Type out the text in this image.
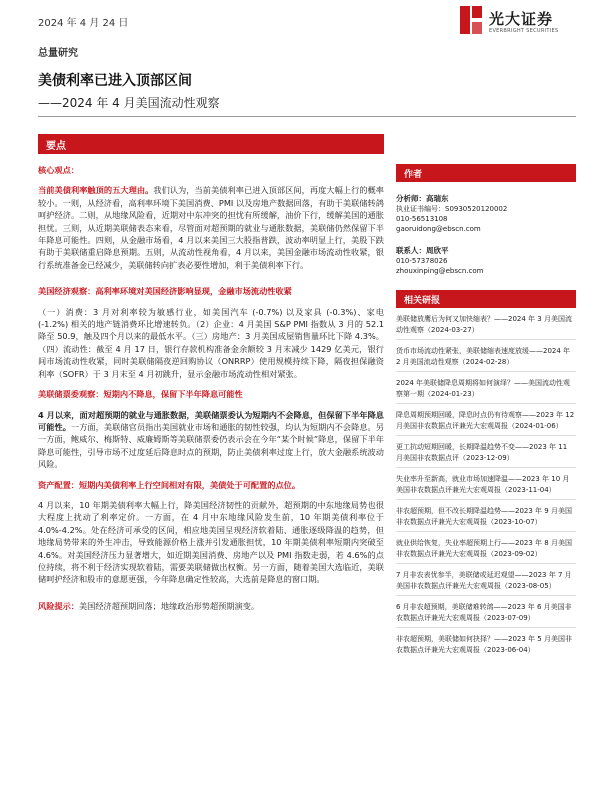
2024 年 4 月 24 日	光大证券
EVERBRIGHT SECURITIES
总量研究
美债利率已进入顶部区间
——2024 年 4 月美国流动性观察
要点

核心观点：

当前美债利率触顶的五大理由。我们认为，当前美债利率已进入顶部区间，再度大幅上行的概率较小。一则，从经济看，高利率环境下美国消费、PMI 以及房地产数据回落，有助于美联储转鸽呵护经济。二则，从地缘风险看，近期对中东冲突的担忧有所缓解，油价下行，缓解美国的通胀担忧。三则，从近期美联储表态来看，尽管面对超预期的就业与通胀数据，美联储仍然保留下半年降息可能性。四则，从金融市场看，4 月以来美国三大股指普跌，波动率明显上行，美股下跌有助于美联储重启降息预期。五则，从流动性视角看，4 月以来，美国金融市场流动性收紧，银行系统准备金已经减少，美联储转向扩表必要性增加，利于美债利率下行。

美国经济观察：高利率环境对美国经济影响显现，金融市场流动性收紧

（一）消费：3 月对利率较为敏感行业，如美国汽车 (-0.7%) 以及家具 (-0.3%)、家电 (-1.2%) 相关的地产链消费环比增速转负。（2）企业：4 月美国 S&P PMI 指数从 3 月的 52.1 降至 50.9，触及四个月以来的最低水平。（三）房地产：3 月美国成屋销售量环比下降 4.3%。（四）流动性：截至 4 月 17 日，银行存款机构准备金余额较 3 月末减少 1429 亿美元，银行间市场流动性收紧，同时美联储隔夜逆回购协议（ONRRP）使用规模持续下降，隔夜担保融资利率（SOFR）于 3 月末至 4 月初跳升，显示金融市场流动性相对紧张。

美联储票委观察：短期内不降息，保留下半年降息可能性

4 月以来，面对超预期的就业与通胀数据，美联储票委认为短期内不会降息，但保留下半年降息可能性。一方面，美联储官员指出美国就业市场和通胀的韧性较强，均认为短期内不会降息。另一方面，鲍威尔、梅斯特、威廉姆斯等美联储票委仍表示会在今年“某个时候”降息，保留下半年降息可能性，引导市场不过度延后降息时点的预期，防止美债利率过度上行，放大金融系统波动风险。

资产配置：短期内美债利率上行空间相对有限，美债处于可配置的点位。

4 月以来，10 年期美债利率大幅上行，降美国经济韧性的贡献外，超预期的中东地缘局势也很大程度上扰动了利率定价。一方面，在 4 月中东地缘风险发生前，10 年期美债利率位于 4.0%-4.2%。处在经济可承受的区间，相应地美国呈现经济软着陆、通胀逐级降温的趋势，但地缘局势带来的外生冲击，导致能源价格上涨并引发通胀担忧，10 年期美债利率短期内突破至 4.6%。对美国经济压力显著增大，如近期美国消费、房地产以及 PMI 指数走弱，若 4.6%的点位持续，将不利于经济实现软着陆，需要美联储做出权衡。另一方面，随着美国大选临近，美联储呵护经济和股市的意愿更强，今年降息确定性较高，大选前是降息的窗口期。

风险提示：美国经济超预期回落；地缘政治形势超预期演变。

作者
分析师：高瑞东
执业证书编号：S0930520120002
010-56513108
gaoruidong@ebscn.com
联系人：周欣平
010-57378026
zhouxinping@ebscn.com
相关研报
美联储放鹰后为何又加快缩表？——2024 年 3 月美国流动性观察（2024-03-27）
货币市场流动性紧张，美联储缩表速度放缓——2024 年 2 月美国流动性观察（2024-02-28）
2024 年美联储降息周期将如何演绎？——美国流动性观察第一期（2024-01-23）
降息周期预期回暖，降息时点仍有待观察——2023 年 12 月美国非农数据点评兼光大宏观周报（2024-01-06）
更工抗动短期回暖，长期降温趋势不变——2023 年 11 月美国非农数据点评（2023-12-09）
失业率升至新高，就业市场加速降温——2023 年 10 月美国非农数据点评兼光大宏观周报（2023-11-04）
非农超预期，但不改长期降温趋势——2023 年 9 月美国非农数据点评兼光大宏观周报（2023-10-07）
就业供给恢复，失业率超预期上行——2023 年 8 月美国非农数据点评兼光大宏观周报（2023-09-02）
7 月非农表忧参半，美联储或延迟观望——2023 年 7 月美国非农数据点评兼光大宏观周报（2023-08-05）
6 月非农超预期，美联储难转鸽——2023 年 6 月美国非农数据点评兼光大宏观周报（2023-07-09）
非农超预期，美联储如何抉择？——2023 年 5 月美国非农数据点评兼光大宏观周报（2023-06-04）
